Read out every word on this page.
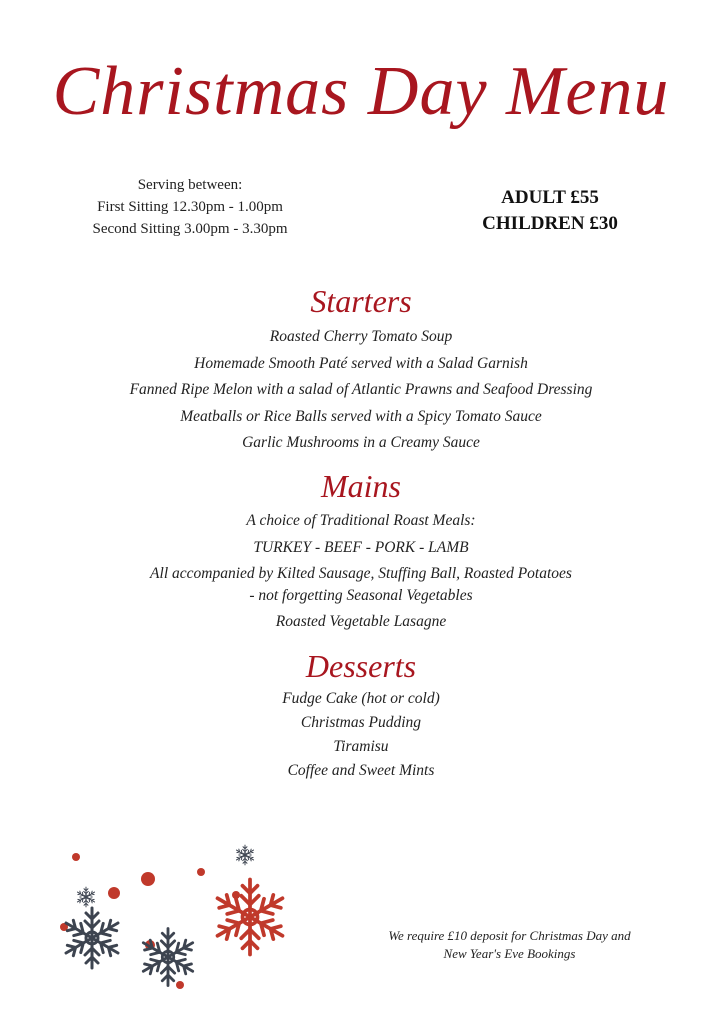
Christmas Day Menu
Serving between:
First Sitting 12.30pm - 1.00pm
Second Sitting 3.00pm - 3.30pm
ADULT £55
CHILDREN £30
Starters
Roasted Cherry Tomato Soup
Homemade Smooth Paté served with a Salad Garnish
Fanned Ripe Melon with a salad of Atlantic Prawns and Seafood Dressing
Meatballs or Rice Balls served with a Spicy Tomato Sauce
Garlic Mushrooms in a Creamy Sauce
Mains
A choice of Traditional Roast Meals:
TURKEY - BEEF - PORK - LAMB
All accompanied by Kilted Sausage, Stuffing Ball, Roasted Potatoes
- not forgetting Seasonal Vegetables
Roasted Vegetable Lasagne
Desserts
Fudge Cake (hot or cold)
Christmas Pudding
Tiramisu
Coffee and Sweet Mints
We require £10 deposit for Christmas Day and
New Year's Eve Bookings
